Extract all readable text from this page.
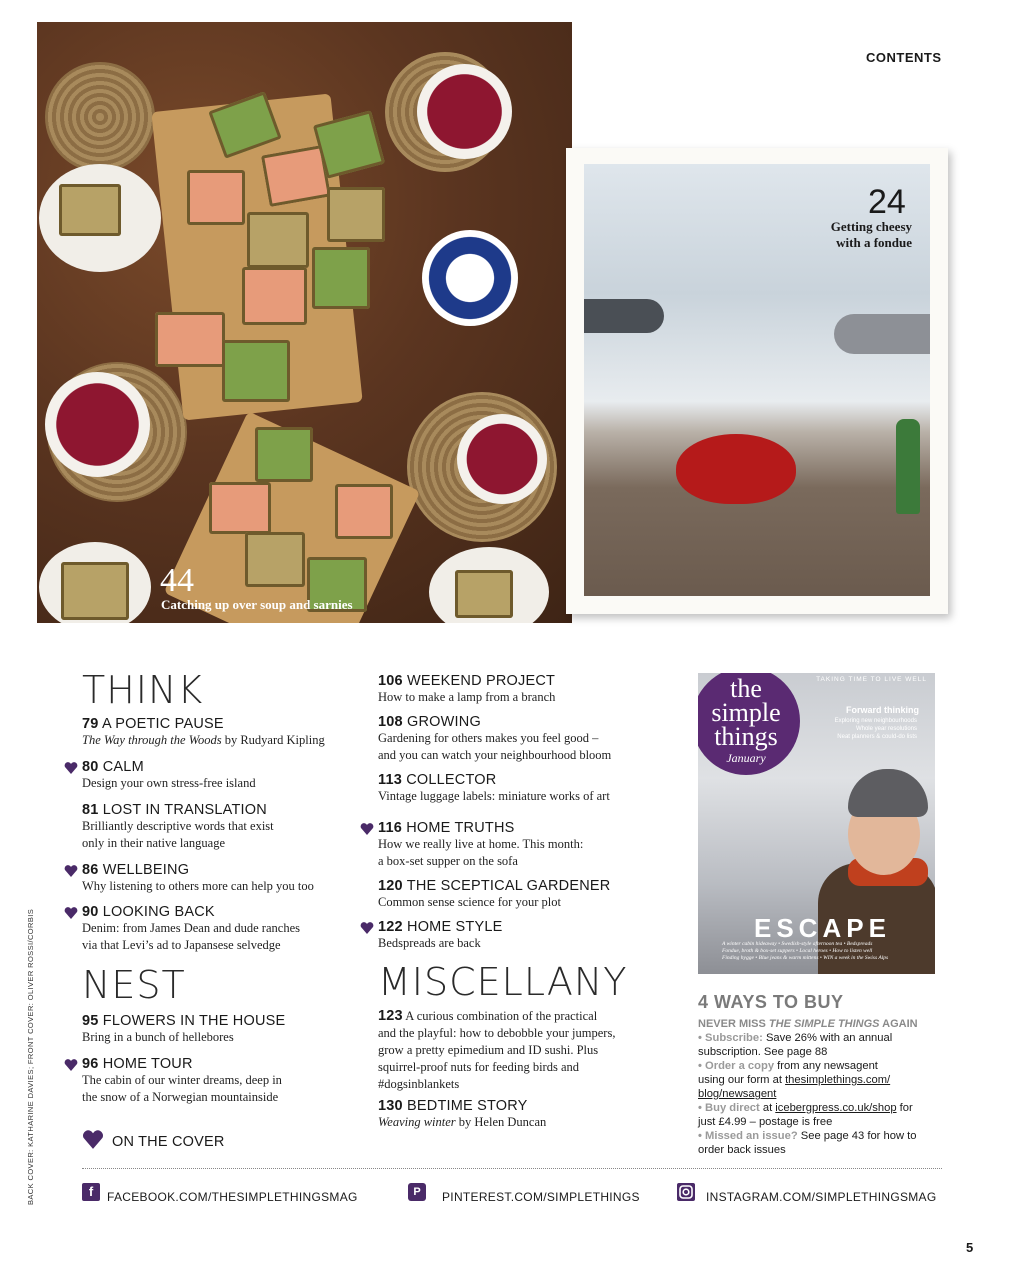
CONTENTS
44
Catching up over soup and sarnies
24
Getting cheesy
with a fondue
THINK
79 A POETIC PAUSE
The Way through the Woods by Rudyard Kipling
80 CALM
Design your own stress-free island
81 LOST IN TRANSLATION
Brilliantly descriptive words that exist
only in their native language
86 WELLBEING
Why listening to others more can help you too
90 LOOKING BACK
Denim: from James Dean and dude ranches
via that Levi’s ad to Japansese selvedge
NEST
95 FLOWERS IN THE HOUSE
Bring in a bunch of hellebores
96 HOME TOUR
The cabin of our winter dreams, deep in
the snow of a Norwegian mountainside
ON THE COVER
106 WEEKEND PROJECT
How to make a lamp from a branch
108 GROWING
Gardening for others makes you feel good –
and you can watch your neighbourhood bloom
113 COLLECTOR
Vintage luggage labels: miniature works of art
116 HOME TRUTHS
How we really live at home. This month:
a box-set supper on the sofa
120 THE SCEPTICAL GARDENER
Common sense science for your plot
122 HOME STYLE
Bedspreads are back
MISCELLANY
123 A curious combination of the practical
and the playful: how to debobble your jumpers,
grow a pretty epimedium and ID sushi. Plus
squirrel-proof nuts for feeding birds and
#dogsinblankets
130 BEDTIME STORY
Weaving winter by Helen Duncan
the
simple
things
January
TAKING TIME TO LIVE WELL
Forward thinking
Exploring new neighbourhoods
Whole year resolutions
Neat planners & could-do lists
ESCAPE
A winter cabin hideaway • Swedish-style afternoon tea • Bedspreads
Fondue, broth & box-set suppers • Local heroes • How to listen well
Finding hygge • Blue jeans & warm mittens • WIN a week in the Swiss Alps
4 WAYS TO BUY
NEVER MISS THE SIMPLE THINGS AGAIN
• Subscribe: Save 26% with an annual
subscription. See page 88
• Order a copy from any newsagent
using our form at thesimplethings.com/
blog/newsagent
• Buy direct at icebergpress.co.uk/shop for
just £4.99 – postage is free
• Missed an issue? See page 43 for how to
order back issues
f	FACEBOOK.COM/THESIMPLETHINGSMAG	P	PINTEREST.COM/SIMPLETHINGS	INSTAGRAM.COM/SIMPLETHINGSMAG
BACK COVER: KATHARINE DAVIES; FRONT COVER: OLIVER ROSSI/CORBIS
5
